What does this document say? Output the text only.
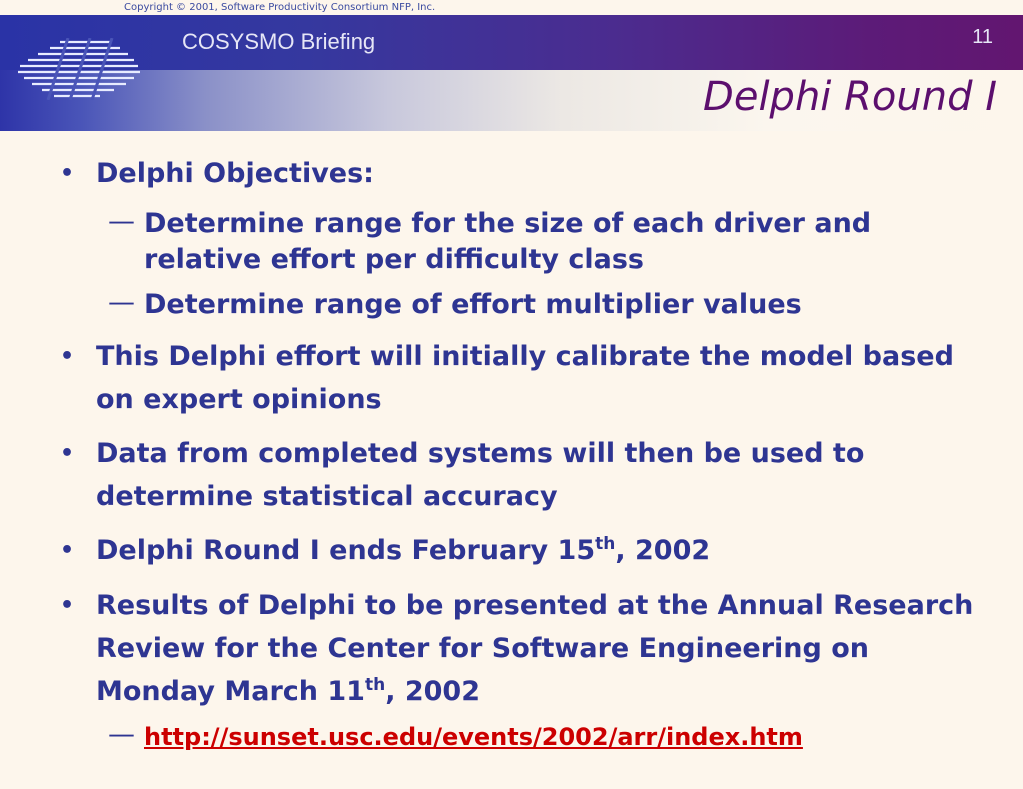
Copyright © 2001, Software Productivity Consortium NFP, Inc.
COSYSMO Briefing	11
Delphi Round I
• Delphi Objectives:
— Determine range for the size of each driver and relative effort per difficulty class
— Determine range of effort multiplier values
• This Delphi effort will initially calibrate the model based on expert opinions
• Data from completed systems will then be used to determine statistical accuracy
• Delphi Round I ends February 15th, 2002
• Results of Delphi to be presented at the Annual Research Review for the Center for Software Engineering on Monday March 11th, 2002
— http://sunset.usc.edu/events/2002/arr/index.htm
